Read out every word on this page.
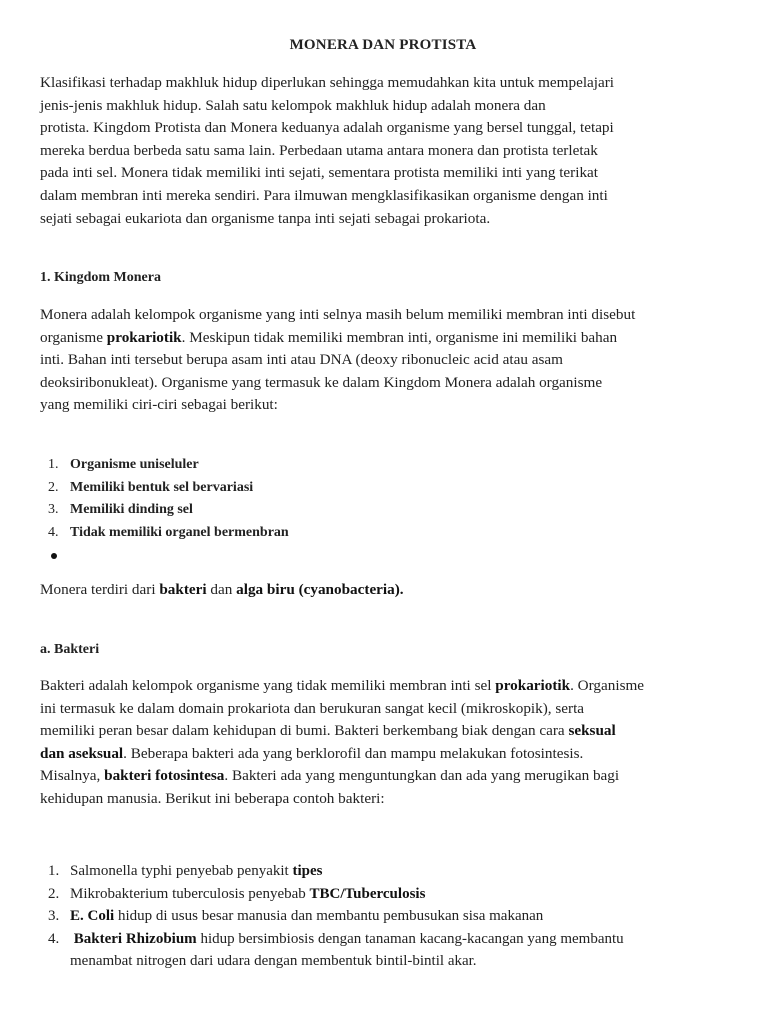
MONERA DAN PROTISTA
Klasifikasi terhadap makhluk hidup diperlukan sehingga memudahkan kita untuk mempelajari
jenis-jenis makhluk hidup. Salah satu kelompok makhluk hidup adalah monera dan
protista. Kingdom Protista dan Monera keduanya adalah organisme yang bersel tunggal, tetapi
mereka berdua berbeda satu sama lain. Perbedaan utama antara monera dan protista terletak
pada inti sel. Monera tidak memiliki inti sejati, sementara protista memiliki inti yang terikat
dalam membran inti mereka sendiri. Para ilmuwan mengklasifikasikan organisme dengan inti
sejati sebagai eukariota dan organisme tanpa inti sejati sebagai prokariota.
1. Kingdom Monera
Monera adalah kelompok organisme yang inti selnya masih belum memiliki membran inti disebut
organisme prokariotik. Meskipun tidak memiliki membran inti, organisme ini memiliki bahan
inti. Bahan inti tersebut berupa asam inti atau DNA (deoxy ribonucleic acid atau asam
deoksiribonukleat). Organisme yang termasuk ke dalam Kingdom Monera adalah organisme
yang memiliki ciri-ciri sebagai berikut:
1. Organisme uniseluler
2. Memiliki bentuk sel bervariasi
3. Memiliki dinding sel
4. Tidak memiliki organel bermenbran
Monera terdiri dari bakteri dan alga biru (cyanobacteria).
a. Bakteri
Bakteri adalah kelompok organisme yang tidak memiliki membran inti sel prokariotik. Organisme
ini termasuk ke dalam domain prokariota dan berukuran sangat kecil (mikroskopik), serta
memiliki peran besar dalam kehidupan di bumi. Bakteri berkembang biak dengan cara seksual
dan aseksual. Beberapa bakteri ada yang berklorofil dan mampu melakukan fotosintesis.
Misalnya, bakteri fotosintesa. Bakteri ada yang menguntungkan dan ada yang merugikan bagi
kehidupan manusia. Berikut ini beberapa contoh bakteri:
1. Salmonella typhi penyebab penyakit tipes
2. Mikrobakterium tuberculosis penyebab TBC/Tuberculosis
3. E. Coli hidup di usus besar manusia dan membantu pembusukan sisa makanan
4. Bakteri Rhizobium hidup bersimbiosis dengan tanaman kacang-kacangan yang membantu
menambat nitrogen dari udara dengan membentuk bintil-bintil akar.
